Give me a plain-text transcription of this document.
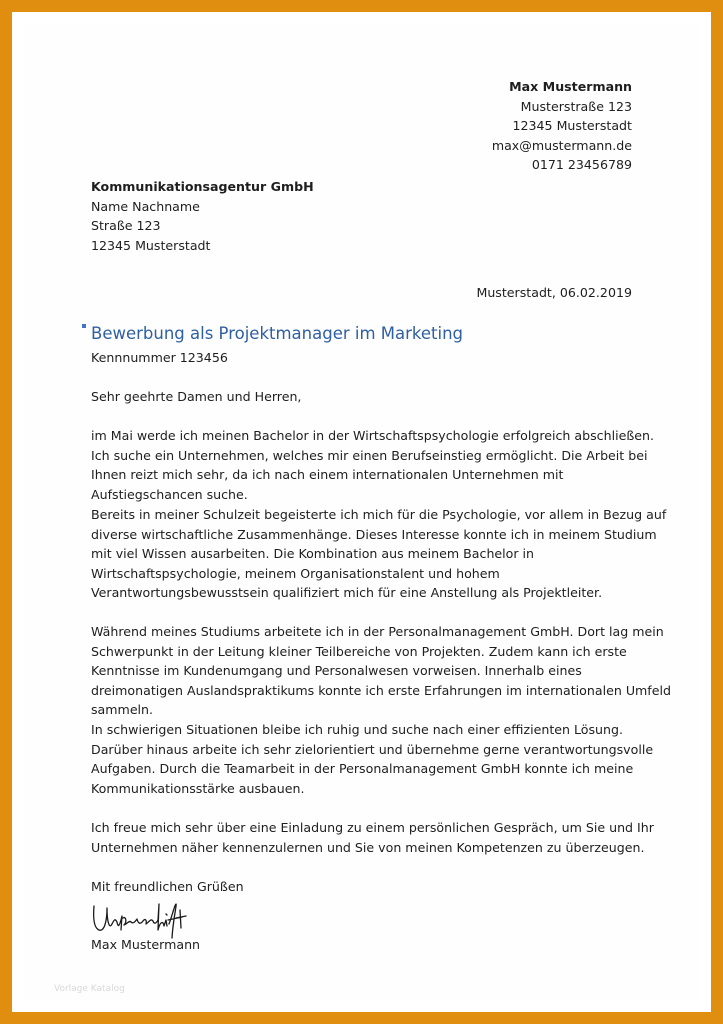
Max Mustermann
Musterstraße 123
12345 Musterstadt
max@mustermann.de
0171 23456789
Kommunikationsagentur GmbH
Name Nachname
Straße 123
12345 Musterstadt
Musterstadt, 06.02.2019
Bewerbung als Projektmanager im Marketing
Kennnummer 123456
Sehr geehrte Damen und Herren,

im Mai werde ich meinen Bachelor in der Wirtschaftspsychologie erfolgreich abschließen. Ich suche ein Unternehmen, welches mir einen Berufseinstieg ermöglicht. Die Arbeit bei Ihnen reizt mich sehr, da ich nach einem internationalen Unternehmen mit Aufstiegschancen suche.

Bereits in meiner Schulzeit begeisterte ich mich für die Psychologie, vor allem in Bezug auf diverse wirtschaftliche Zusammenhänge. Dieses Interesse konnte ich in meinem Studium mit viel Wissen ausarbeiten. Die Kombination aus meinem Bachelor in Wirtschaftspsychologie, meinem Organisationstalent und hohem Verantwortungsbewusstsein qualifiziert mich für eine Anstellung als Projektleiter.

Während meines Studiums arbeitete ich in der Personalmanagement GmbH. Dort lag mein Schwerpunkt in der Leitung kleiner Teilbereiche von Projekten. Zudem kann ich erste Kenntnisse im Kundenumgang und Personalwesen vorweisen. Innerhalb eines dreimonatigen Auslandspraktikums konnte ich erste Erfahrungen im internationalen Umfeld sammeln.

In schwierigen Situationen bleibe ich ruhig und suche nach einer effizienten Lösung. Darüber hinaus arbeite ich sehr zielorientiert und übernehme gerne verantwortungsvolle Aufgaben. Durch die Teamarbeit in der Personalmanagement GmbH konnte ich meine Kommunikationsstärke ausbauen.

Ich freue mich sehr über eine Einladung zu einem persönlichen Gespräch, um Sie und Ihr Unternehmen näher kennenzulernen und Sie von meinen Kompetenzen zu überzeugen.

Mit freundlichen Grüßen
Max Mustermann
Vorlage Katalog
